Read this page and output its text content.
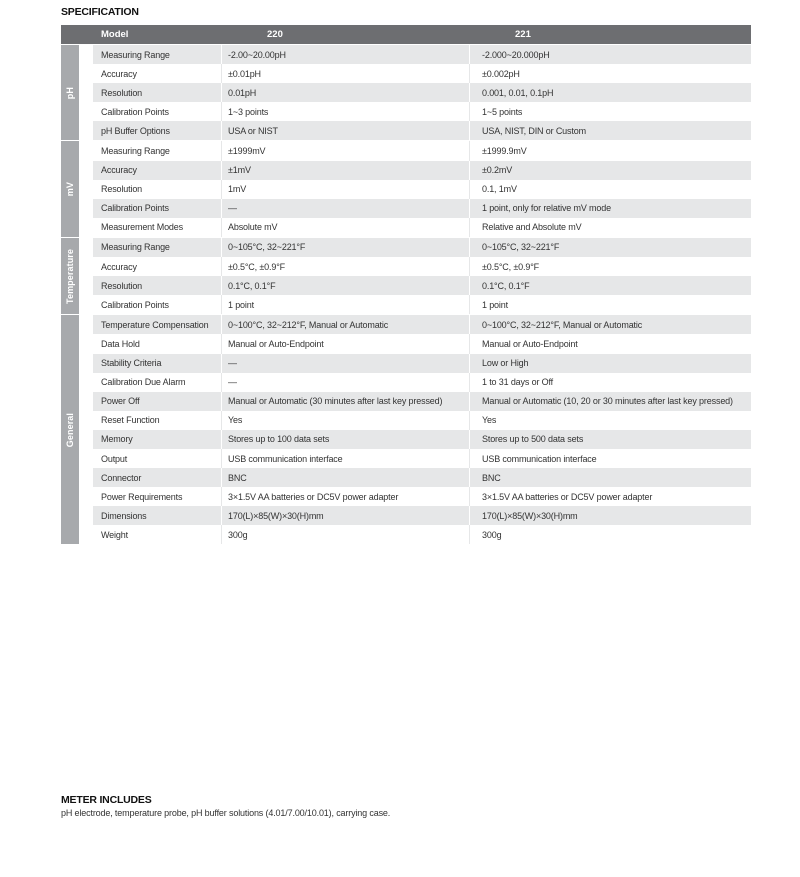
SPECIFICATION
Model	220	221
pH
Measuring Range	-2.00~20.00pH	-2.000~20.000pH
Accuracy	±0.01pH	±0.002pH
Resolution	0.01pH	0.001, 0.01, 0.1pH
Calibration Points	1~3 points	1~5 points
pH Buffer Options	USA or NIST	USA, NIST, DIN or Custom
mV
Measuring Range	±1999mV	±1999.9mV
Accuracy	±1mV	±0.2mV
Resolution	1mV	0.1, 1mV
Calibration Points	—	1 point, only for relative mV mode
Measurement Modes	Absolute mV	Relative and Absolute mV
Temperature
Measuring Range	0~105°C, 32~221°F	0~105°C, 32~221°F
Accuracy	±0.5°C, ±0.9°F	±0.5°C, ±0.9°F
Resolution	0.1°C, 0.1°F	0.1°C, 0.1°F
Calibration Points	1 point	1 point
General
Temperature Compensation	0~100°C, 32~212°F, Manual or Automatic	0~100°C, 32~212°F, Manual or Automatic
Data Hold	Manual or Auto-Endpoint	Manual or Auto-Endpoint
Stability Criteria	—	Low or High
Calibration Due Alarm	—	1 to 31 days or Off
Power Off	Manual or Automatic (30 minutes after last key pressed)	Manual or Automatic (10, 20 or 30 minutes after last key pressed)
Reset Function	Yes	Yes
Memory	Stores up to 100 data sets	Stores up to 500 data sets
Output	USB communication interface	USB communication interface
Connector	BNC	BNC
Power Requirements	3×1.5V AA batteries or DC5V power adapter	3×1.5V AA batteries or DC5V power adapter
Dimensions	170(L)×85(W)×30(H)mm	170(L)×85(W)×30(H)mm
Weight	300g	300g
METER INCLUDES
pH electrode, temperature probe, pH buffer solutions (4.01/7.00/10.01), carrying case.
